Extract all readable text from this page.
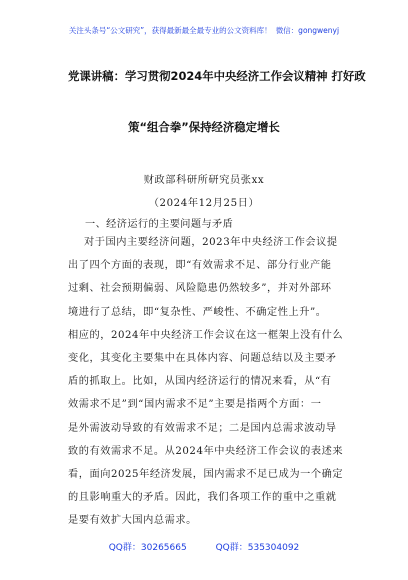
关注头条号“公文研究”，获得最新最全最专业的公文资料库！ 微信：gongwenyj
党课讲稿：学习贯彻2024年中央经济工作会议精神 打好政
策“组合拳”保持经济稳定增长
财政部科研所研究员张xx
（2024年12月25日）
一、经济运行的主要问题与矛盾
对于国内主要经济问题，2023年中央经济工作会议提
出了四个方面的表现，即“有效需求不足、部分行业产能
过剩、社会预期偏弱、风险隐患仍然较多”，并对外部环
境进行了总结，即“复杂性、严峻性、不确定性上升”。
相应的，2024年中央经济工作会议在这一框架上没有什么
变化，其变化主要集中在具体内容、问题总结以及主要矛
盾的抓取上。比如，从国内经济运行的情况来看，从“有
效需求不足”到“国内需求不足”主要是指两个方面：一
是外需波动导致的有效需求不足；二是国内总需求波动导
致的有效需求不足。从2024年中央经济工作会议的表述来
看，面向2025年经济发展，国内需求不足已成为一个确定
的且影响重大的矛盾。因此，我们各项工作的重中之重就
是要有效扩大国内总需求。
QQ群：30265665	QQ群：535304092
